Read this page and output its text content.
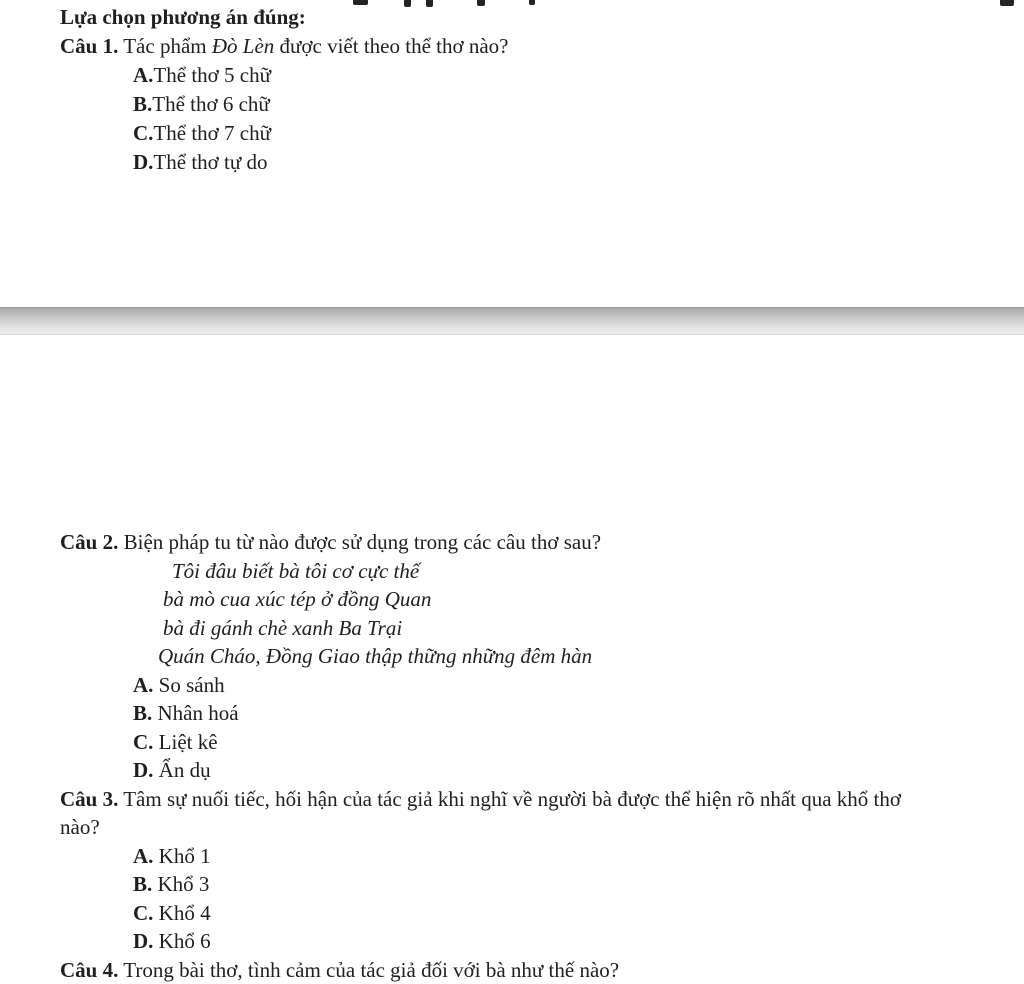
Lựa chọn phương án đúng:
Câu 1. Tác phẩm Đò Lèn được viết theo thể thơ nào?
A.Thể thơ 5 chữ
B.Thể thơ 6 chữ
C.Thể thơ 7 chữ
D.Thể thơ tự do
Câu 2. Biện pháp tu từ nào được sử dụng trong các câu thơ sau?
Tôi đâu biết bà tôi cơ cực thế
bà mò cua xúc tép ở đồng Quan
bà đi gánh chè xanh Ba Trại
Quán Cháo, Đồng Giao thập thững những đêm hàn
A. So sánh
B. Nhân hoá
C. Liệt kê
D. Ẩn dụ
Câu 3. Tâm sự nuối tiếc, hối hận của tác giả khi nghĩ về người bà được thể hiện rõ nhất qua khổ thơ
nào?
A. Khổ 1
B. Khổ 3
C. Khổ 4
D. Khổ 6
Câu 4. Trong bài thơ, tình cảm của tác giả đối với bà như thế nào?
